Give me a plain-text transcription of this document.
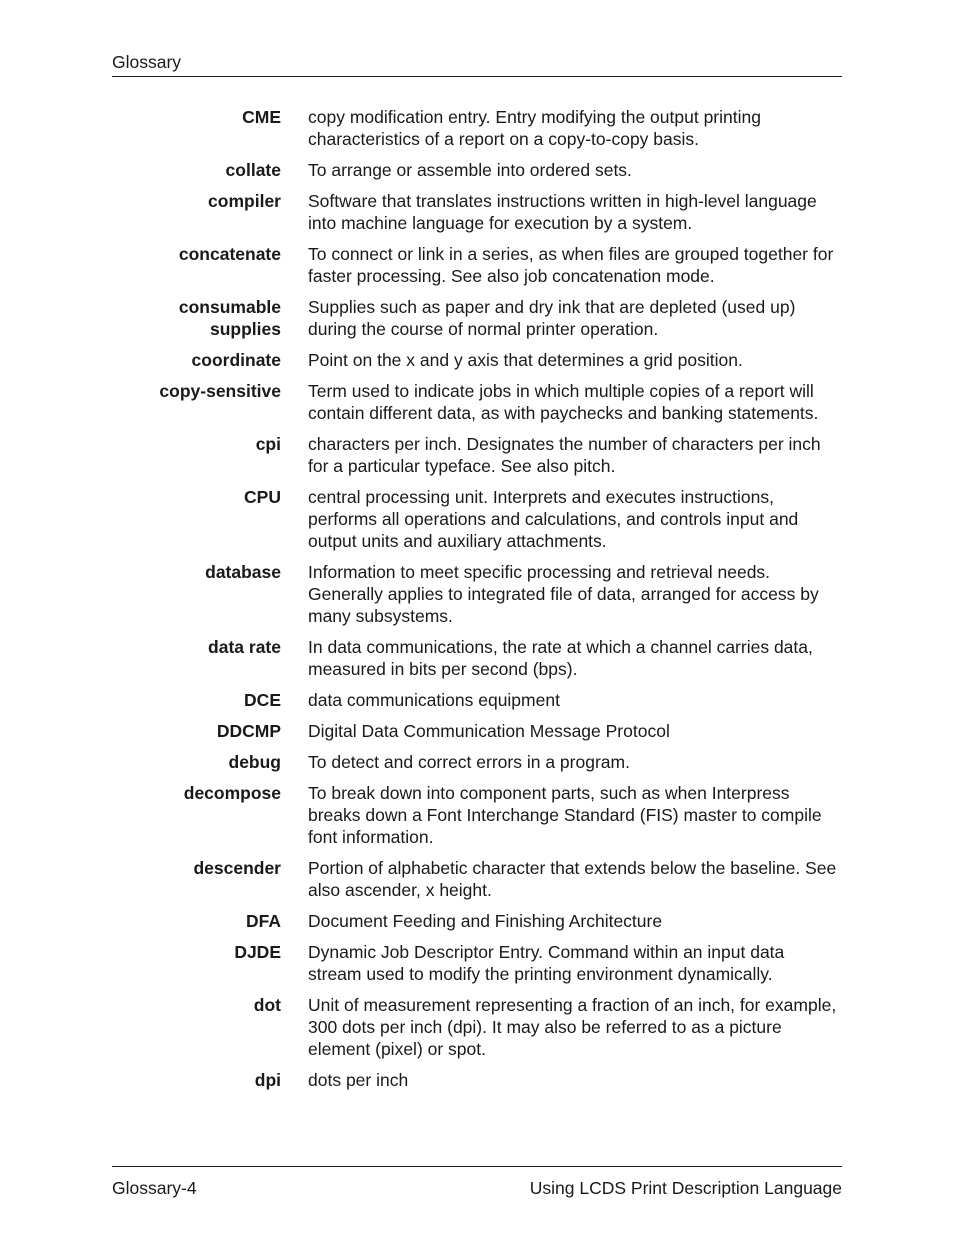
Glossary
CME copy modification entry. Entry modifying the output printing characteristics of a report on a copy-to-copy basis.
collate To arrange or assemble into ordered sets.
compiler Software that translates instructions written in high-level language into machine language for execution by a system.
concatenate To connect or link in a series, as when files are grouped together for faster processing. See also job concatenation mode.
consumable supplies
Supplies such as paper and dry ink that are depleted (used up) during the course of normal printer operation.
coordinate Point on the x and y axis that determines a grid position.
copy-sensitive Term used to indicate jobs in which multiple copies of a report will contain different data, as with paychecks and banking statements.
cpi characters per inch. Designates the number of characters per inch for a particular typeface. See also pitch.
CPU central processing unit. Interprets and executes instructions, performs all operations and calculations, and controls input and output units and auxiliary attachments.
database Information to meet specific processing and retrieval needs. Generally applies to integrated file of data, arranged for access by many subsystems.
data rate In data communications, the rate at which a channel carries data, measured in bits per second (bps).
DCE data communications equipment
DDCMP Digital Data Communication Message Protocol
debug To detect and correct errors in a program.
decompose To break down into component parts, such as when Interpress breaks down a Font Interchange Standard (FIS) master to compile font information.
descender Portion of alphabetic character that extends below the baseline. See also ascender, x height.
DFA Document Feeding and Finishing Architecture
DJDE Dynamic Job Descriptor Entry. Command within an input data stream used to modify the printing environment dynamically.
dot Unit of measurement representing a fraction of an inch, for example, 300 dots per inch (dpi). It may also be referred to as a picture element (pixel) or spot.
dpi dots per inch
Glossary-4	Using LCDS Print Description Language
